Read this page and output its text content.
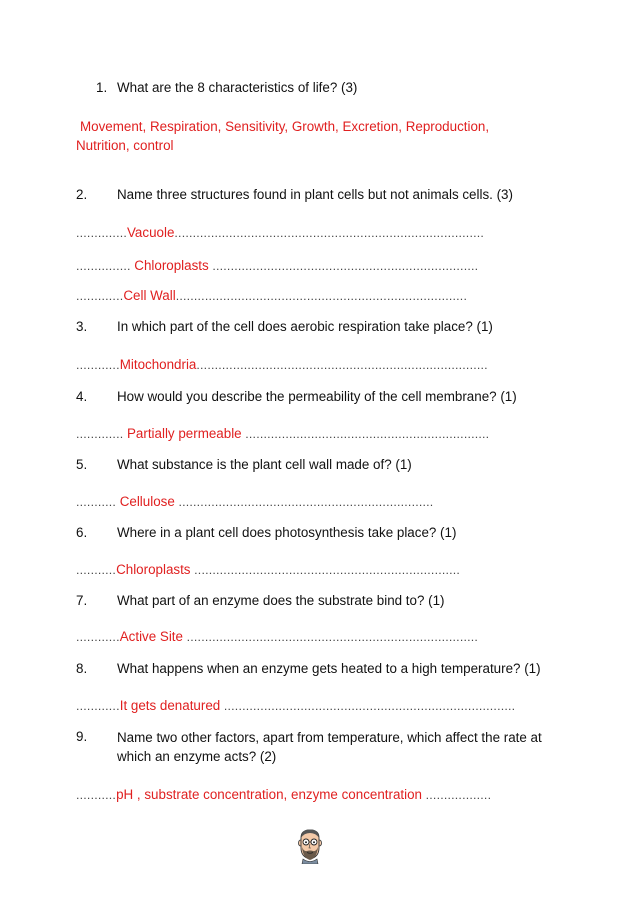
1. What are the 8 characteristics of life? (3)
Movement, Respiration, Sensitivity, Growth, Excretion, Reproduction,
Nutrition, control
2. Name three structures found in plant cells but not animals cells. (3)
..............Vacuole.....................................................................................
............... Chloroplasts .........................................................................
.............Cell Wall................................................................................
3. In which part of the cell does aerobic respiration take place? (1)
............Mitochondria................................................................................
4. How would you describe the permeability of the cell membrane? (1)
............. Partially permeable ...................................................................
5. What substance is the plant cell wall made of? (1)
........... Cellulose ......................................................................
6. Where in a plant cell does photosynthesis take place? (1)
...........Chloroplasts .........................................................................
7. What part of an enzyme does the substrate bind to? (1)
............Active Site ................................................................................
8. What happens when an enzyme gets heated to a high temperature? (1)
............It gets denatured ................................................................................
9. Name two other factors, apart from temperature, which affect the rate at which an enzyme acts? (2)
...........pH , substrate concentration, enzyme concentration ..................
